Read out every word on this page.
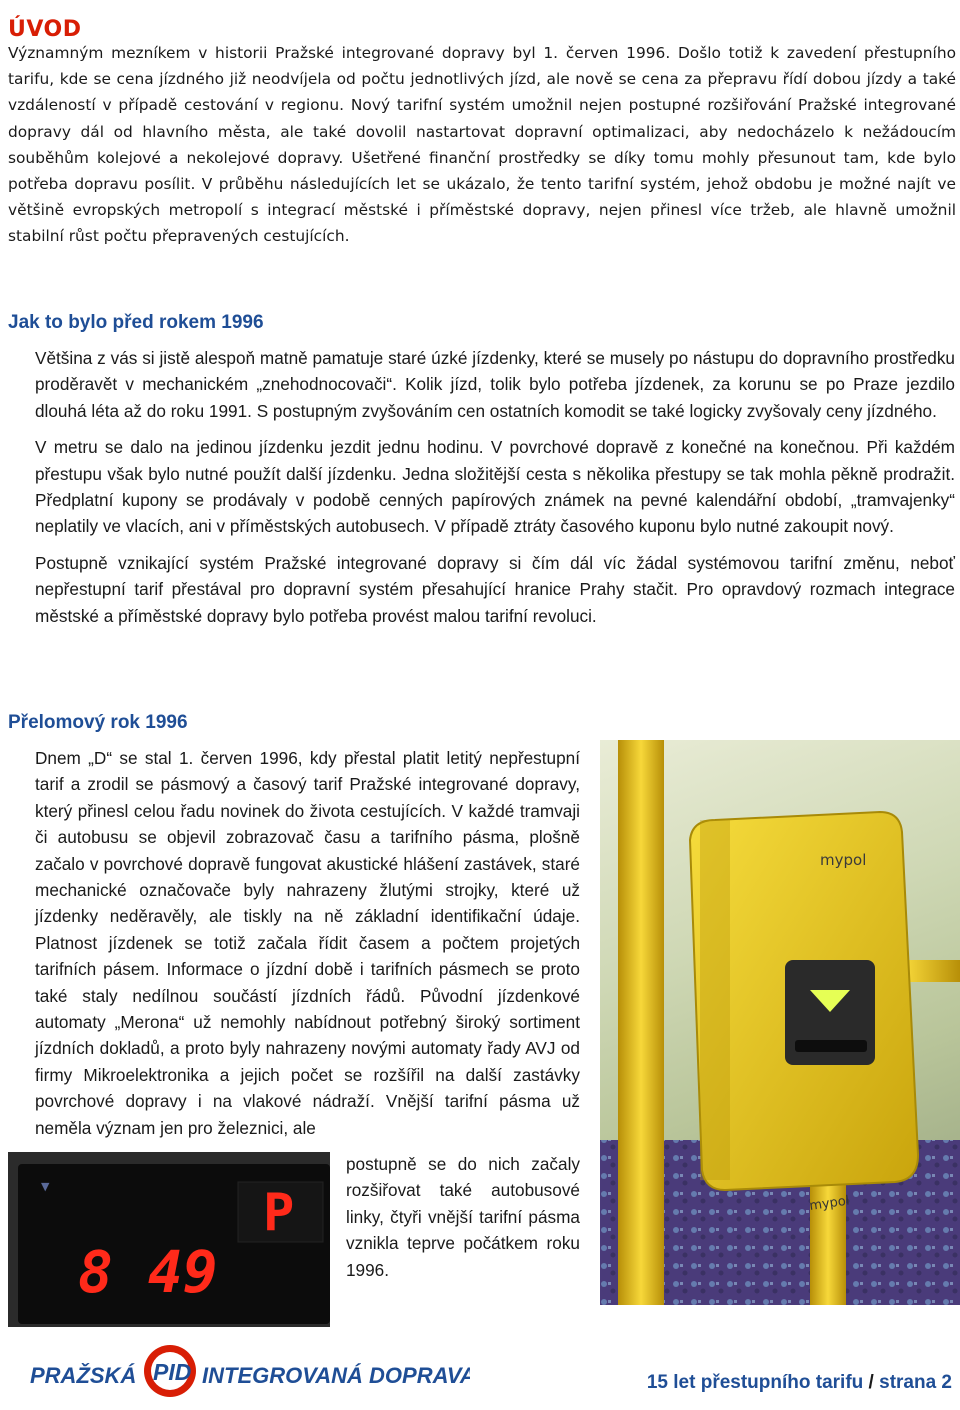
ÚVOD
Významným mezníkem v historii Pražské integrované dopravy byl 1. červen 1996. Došlo totiž k zavedení přestupního tarifu, kde se cena jízdného již neodvíjela od počtu jednotlivých jízd, ale nově se cena za přepravu řídí dobou jízdy a také vzdáleností v případě cestování v regionu. Nový tarifní systém umožnil nejen postupné rozšiřování Pražské integrované dopravy dál od hlavního města, ale také dovolil nastartovat dopravní optimalizaci, aby nedocházelo k nežádoucím souběhům kolejové a nekolejové dopravy. Ušetřené finanční prostředky se díky tomu mohly přesunout tam, kde bylo potřeba dopravu posílit. V průběhu následujících let se ukázalo, že tento tarifní systém, jehož obdobu je možné najít ve většině evropských metropolí s integrací městské i příměstské dopravy, nejen přinesl více tržeb, ale hlavně umožnil stabilní růst počtu přepravených cestujících.
Jak to bylo před rokem 1996

Většina z vás si jistě alespoň matně pamatuje staré úzké jízdenky, které se musely po nástupu do dopravního prostředku proděravět v mechanickém „znehodnocovači“. Kolik jízd, tolik bylo potřeba jízdenek, za korunu se po Praze jezdilo dlouhá léta až do roku 1991. S postupným zvyšováním cen ostatních komodit se také logicky zvyšovaly ceny jízdného.

V metru se dalo na jedinou jízdenku jezdit jednu hodinu. V povrchové dopravě z konečné na konečnou. Při každém přestupu však bylo nutné použít další jízdenku. Jedna složitější cesta s několika přestupy se tak mohla pěkně prodražit. Předplatní kupony se prodávaly v podobě cenných papírových známek na pevné kalendářní období, „tramvajenky“ neplatily ve vlacích, ani v příměstských autobusech. V případě ztráty časového kuponu bylo nutné zakoupit nový.

Postupně vznikající systém Pražské integrované dopravy si čím dál víc žádal systémovou tarifní změnu, neboť nepřestupní tarif přestával pro dopravní systém přesahující hranice Prahy stačit. Pro opravdový rozmach integrace městské a příměstské dopravy bylo potřeba provést malou tarifní revoluci.

Přelomový rok 1996
Dnem „D“ se stal 1. červen 1996, kdy přestal platit letitý nepřestupní tarif a zrodil se pásmový a časový tarif Pražské integrované dopravy, který přinesl celou řadu novinek do života cestujících. V každé tramvaji či autobusu se objevil zobrazovač času a tarifního pásma, plošně začalo v povrchové dopravě fungovat akustické hlášení zastávek, staré mechanické označovače byly nahrazeny žlutými strojky, které už jízdenky neděravěly, ale tiskly na ně základní identifikační údaje. Platnost jízdenek se totiž začala řídit časem a počtem projetých tarifních pásem. Informace o jízdní době i tarifních pásmech se proto také staly nedílnou součástí jízdních řádů. Původní jízdenkové automaty „Merona“ už nemohly nabídnout potřebný široký sortiment jízdních dokladů, a proto byly nahrazeny novými automaty řady AVJ od firmy Mikroelektronika a jejich počet se rozšířil na další zastávky povrchové dopravy i na vlakové nádraží. Vnější tarifní pásma už neměla význam jen pro železnici, ale
postupně se do nich začaly rozšiřovat také autobusové linky, čtyři vnější tarifní pásma vznikla teprve počátkem roku 1996.
mypol
mypol
▼	P
8 49
PRAŽSKÁ PID INTEGROVANÁ DOPRAVA	15 let přestupního tarifu / strana 2
